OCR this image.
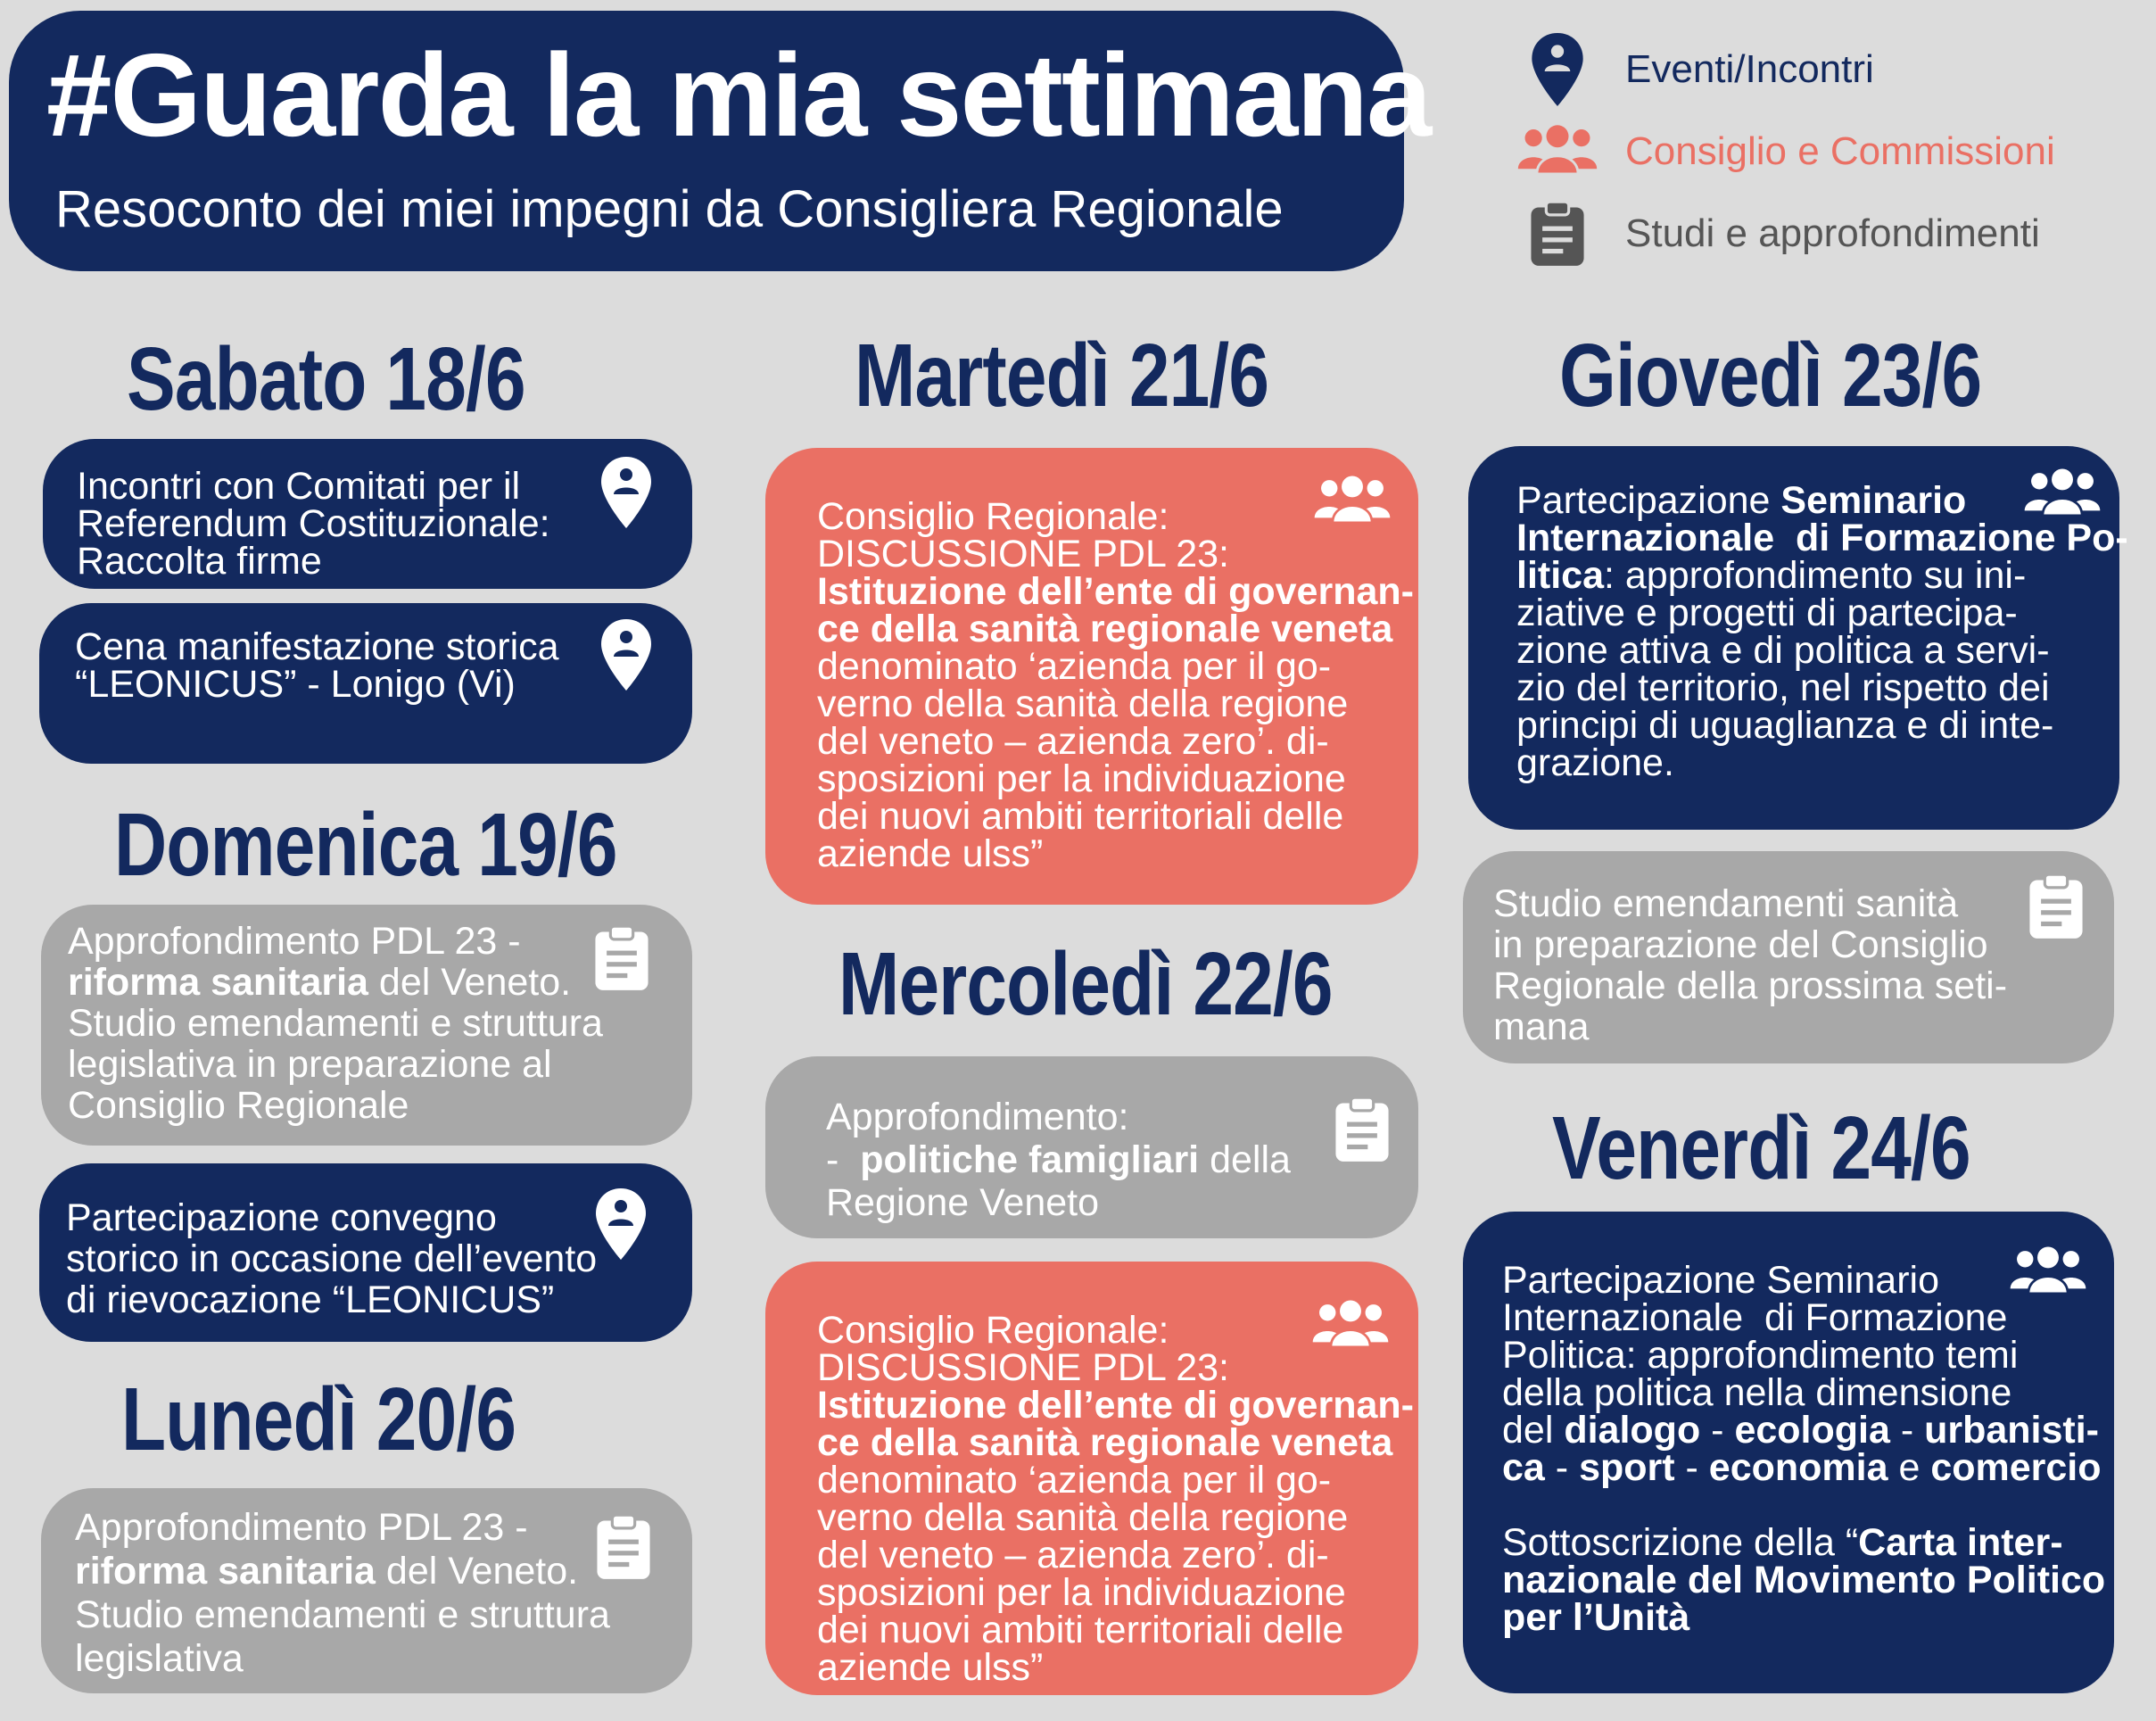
#Guarda la mia settimana
Resoconto dei miei impegni da Consigliera Regionale
Eventi/Incontri
Consiglio e Commissioni
Studi e approfondimenti
Sabato 18/6	Martedì 21/6	Giovedì 23/6
Domenica 19/6
Mercoledì 22/6
Venerdì 24/6
Lunedì 20/6
Incontri con Comitati per il
Referendum Costituzionale:
Raccolta firme
Cena manifestazione storica
“LEONICUS” - Lonigo (Vi)
Approfondimento PDL 23 -
riforma sanitaria del Veneto.
Studio emendamenti e struttura
legislativa in preparazione al
Consiglio Regionale
Partecipazione convegno
storico in occasione dell’evento
di rievocazione “LEONICUS”
Approfondimento PDL 23 -
riforma sanitaria del Veneto.
Studio emendamenti e struttura
legislativa
Consiglio Regionale:
DISCUSSIONE PDL 23:
Istituzione dell’ente di governan-
ce della sanità regionale veneta
denominato ‘azienda per il go-
verno della sanità della regione
del veneto – azienda zero’. di-
sposizioni per la individuazione
dei nuovi ambiti territoriali delle
aziende ulss”
Approfondimento:
-  politiche famigliari della
Regione Veneto
Consiglio Regionale:
DISCUSSIONE PDL 23:
Istituzione dell’ente di governan-
ce della sanità regionale veneta
denominato ‘azienda per il go-
verno della sanità della regione
del veneto – azienda zero’. di-
sposizioni per la individuazione
dei nuovi ambiti territoriali delle
aziende ulss”
Partecipazione Seminario
Internazionale  di Formazione Po-
litica: approfondimento su ini-
ziative e progetti di partecipa-
zione attiva e di politica a servi-
zio del territorio, nel rispetto dei
principi di uguaglianza e di inte-
grazione.
Studio emendamenti sanità
in preparazione del Consiglio
Regionale della prossima seti-
mana
Partecipazione Seminario
Internazionale  di Formazione
Politica: approfondimento temi
della politica nella dimensione
del dialogo - ecologia - urbanisti-
ca - sport - economia e comercio
Sottoscrizione della “Carta inter-
nazionale del Movimento Politico
per l’Unità
